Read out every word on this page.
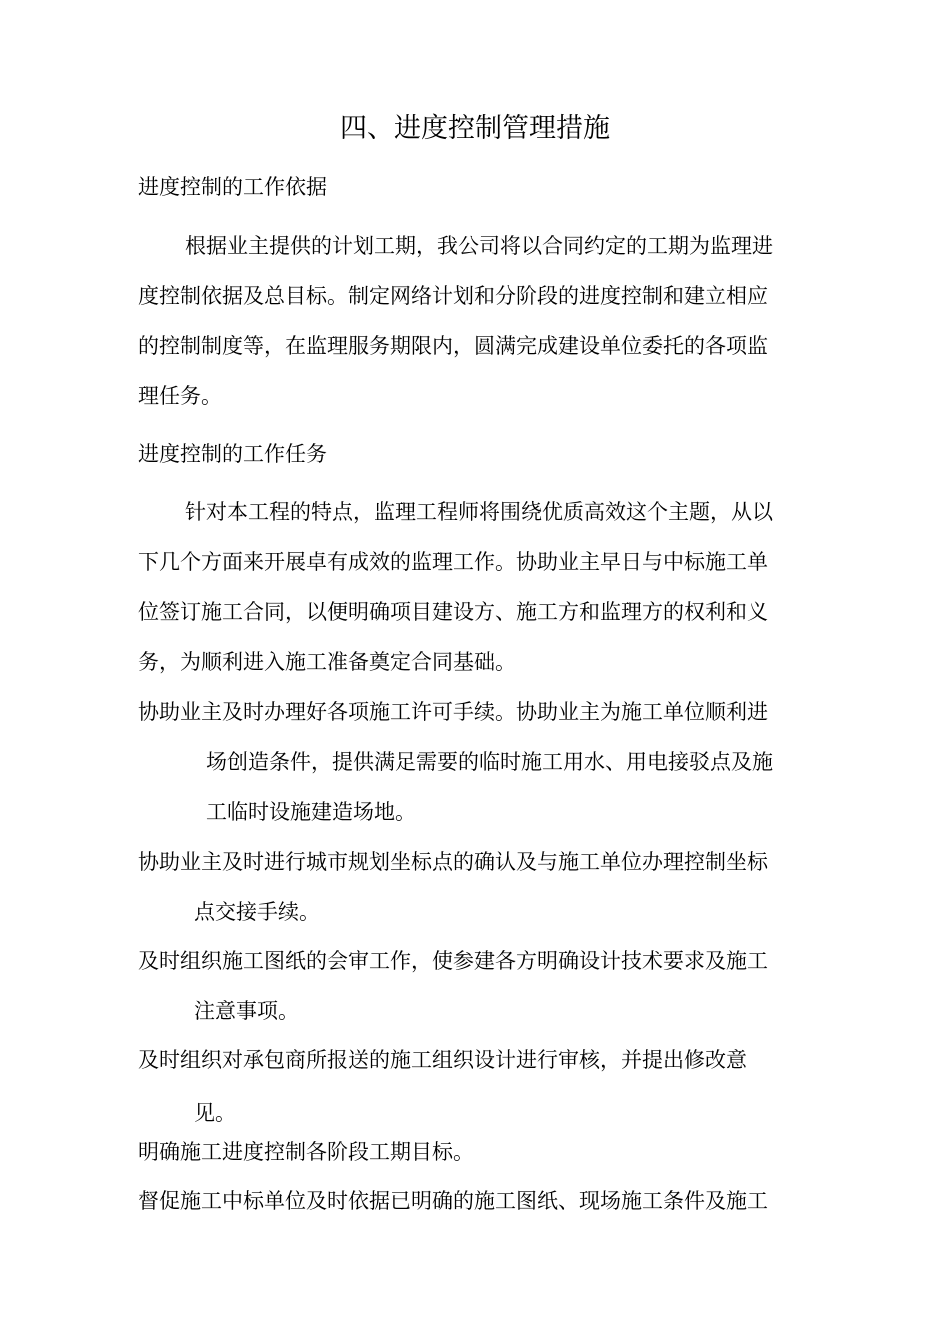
四、进度控制管理措施
进度控制的工作依据
根据业主提供的计划工期，我公司将以合同约定的工期为监理进
度控制依据及总目标。制定网络计划和分阶段的进度控制和建立相应
的控制制度等，在监理服务期限内，圆满完成建设单位委托的各项监
理任务。
进度控制的工作任务
针对本工程的特点，监理工程师将围绕优质高效这个主题，从以
下几个方面来开展卓有成效的监理工作。协助业主早日与中标施工单
位签订施工合同，以便明确项目建设方、施工方和监理方的权利和义
务，为顺利进入施工准备奠定合同基础。
协助业主及时办理好各项施工许可手续。协助业主为施工单位顺利进
场创造条件，提供满足需要的临时施工用水、用电接驳点及施
工临时设施建造场地。
协助业主及时进行城市规划坐标点的确认及与施工单位办理控制坐标
点交接手续。
及时组织施工图纸的会审工作，使参建各方明确设计技术要求及施工
注意事项。
及时组织对承包商所报送的施工组织设计进行审核，并提出修改意
见。
明确施工进度控制各阶段工期目标。
督促施工中标单位及时依据已明确的施工图纸、现场施工条件及施工
